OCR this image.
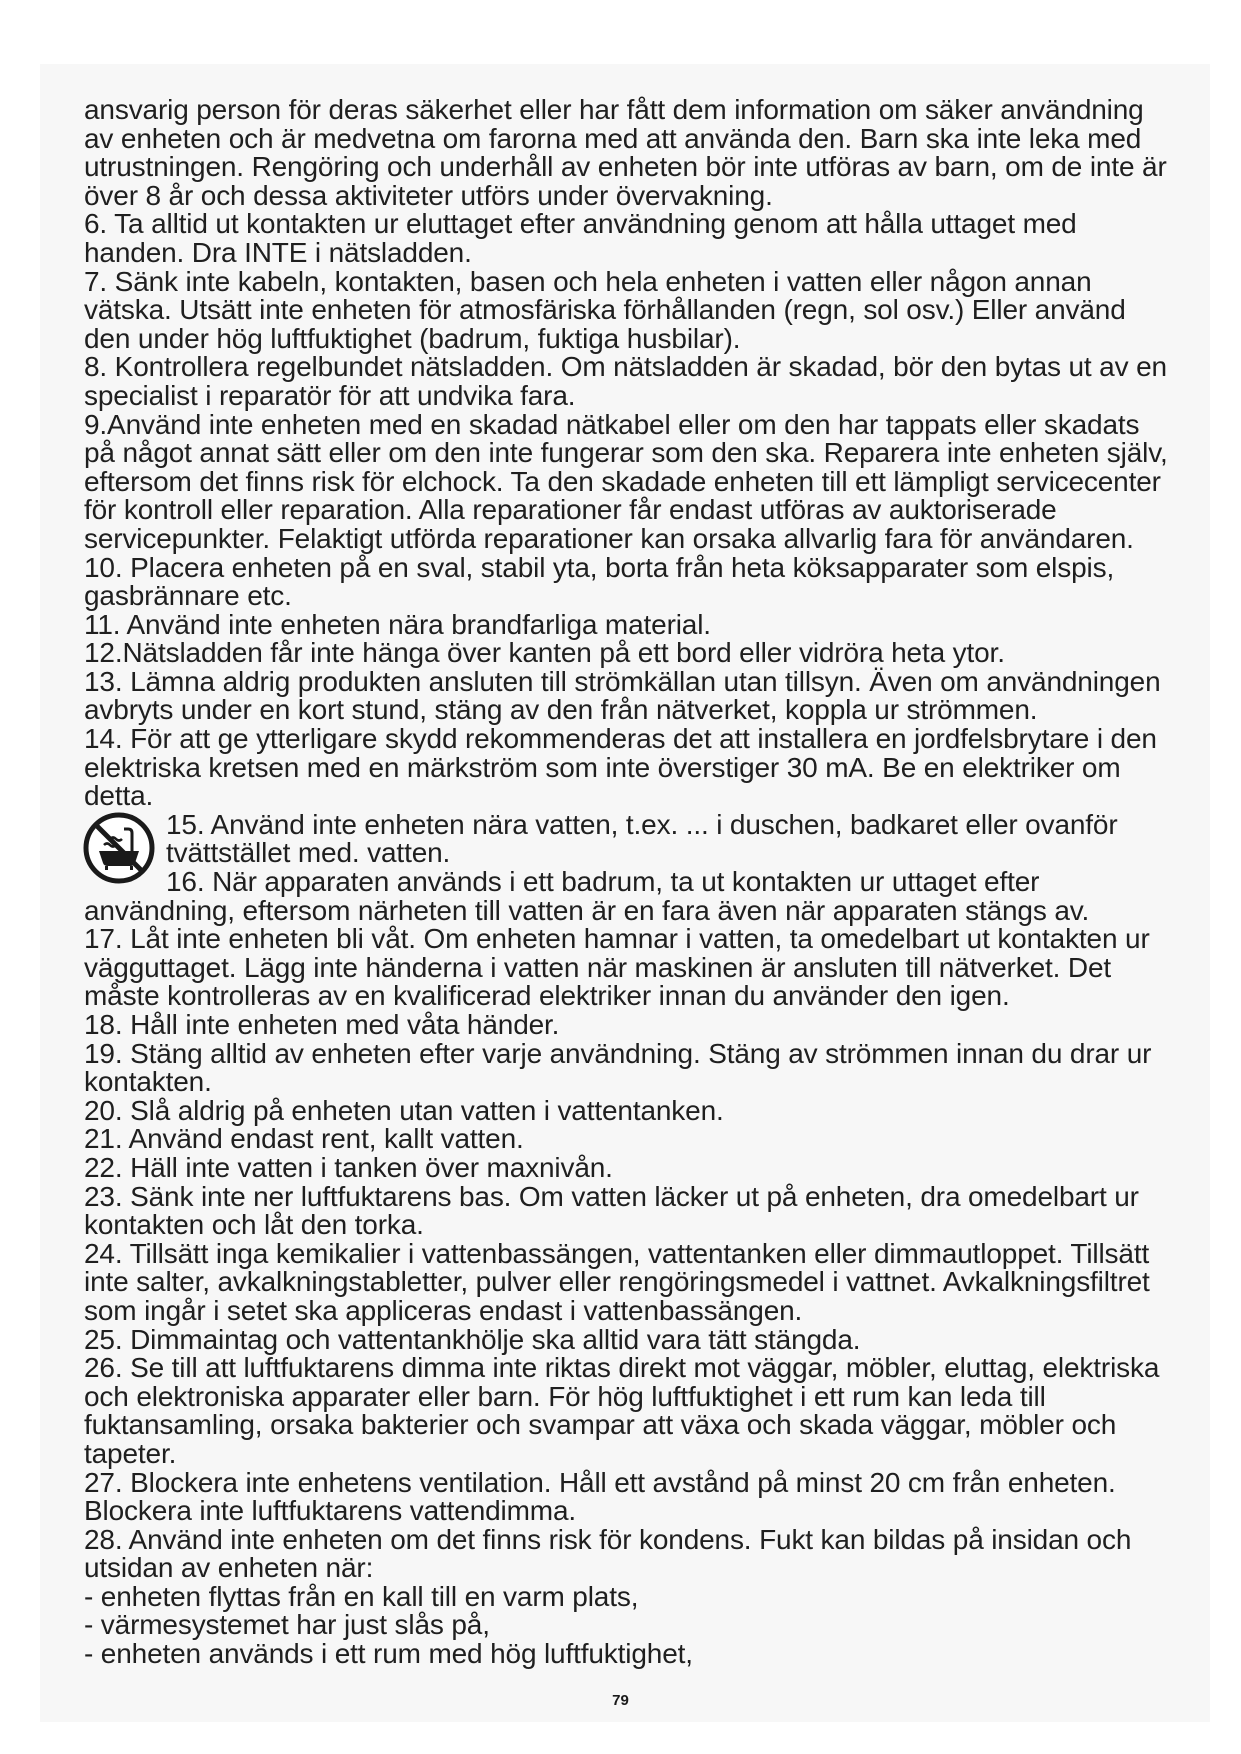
ansvarig person för deras säkerhet eller har fått dem information om säker användning
av enheten och är medvetna om farorna med att använda den. Barn ska inte leka med
utrustningen. Rengöring och underhåll av enheten bör inte utföras av barn, om de inte är
över 8 år och dessa aktiviteter utförs under övervakning.
6. Ta alltid ut kontakten ur eluttaget efter användning genom att hålla uttaget med
handen. Dra INTE i nätsladden.
7. Sänk inte kabeln, kontakten, basen och hela enheten i vatten eller någon annan
vätska. Utsätt inte enheten för atmosfäriska förhållanden (regn, sol osv.) Eller använd
den under hög luftfuktighet (badrum, fuktiga husbilar).
8. Kontrollera regelbundet nätsladden. Om nätsladden är skadad, bör den bytas ut av en
specialist i reparatör för att undvika fara.
9.Använd inte enheten med en skadad nätkabel eller om den har tappats eller skadats
på något annat sätt eller om den inte fungerar som den ska. Reparera inte enheten själv,
eftersom det finns risk för elchock. Ta den skadade enheten till ett lämpligt servicecenter
för kontroll eller reparation. Alla reparationer får endast utföras av auktoriserade
servicepunkter. Felaktigt utförda reparationer kan orsaka allvarlig fara för användaren.
10. Placera enheten på en sval, stabil yta, borta från heta köksapparater som elspis,
gasbrännare etc.
11. Använd inte enheten nära brandfarliga material.
12.Nätsladden får inte hänga över kanten på ett bord eller vidröra heta ytor.
13. Lämna aldrig produkten ansluten till strömkällan utan tillsyn. Även om användningen
avbryts under en kort stund, stäng av den från nätverket, koppla ur strömmen.
14. För att ge ytterligare skydd rekommenderas det att installera en jordfelsbrytare i den
elektriska kretsen med en märkström som inte överstiger 30 mA. Be en elektriker om
detta.
15. Använd inte enheten nära vatten, t.ex. ... i duschen, badkaret eller ovanför
tvättstället med. vatten.
16. När apparaten används i ett badrum, ta ut kontakten ur uttaget efter
användning, eftersom närheten till vatten är en fara även när apparaten stängs av.
17. Låt inte enheten bli våt. Om enheten hamnar i vatten, ta omedelbart ut kontakten ur
vägguttaget. Lägg inte händerna i vatten när maskinen är ansluten till nätverket. Det
måste kontrolleras av en kvalificerad elektriker innan du använder den igen.
18. Håll inte enheten med våta händer.
19. Stäng alltid av enheten efter varje användning. Stäng av strömmen innan du drar ur
kontakten.
20. Slå aldrig på enheten utan vatten i vattentanken.
21. Använd endast rent, kallt vatten.
22. Häll inte vatten i tanken över maxnivån.
23. Sänk inte ner luftfuktarens bas. Om vatten läcker ut på enheten, dra omedelbart ur
kontakten och låt den torka.
24. Tillsätt inga kemikalier i vattenbassängen, vattentanken eller dimmautloppet. Tillsätt
inte salter, avkalkningstabletter, pulver eller rengöringsmedel i vattnet. Avkalkningsfiltret
som ingår i setet ska appliceras endast i vattenbassängen.
25. Dimmaintag och vattentankhölje ska alltid vara tätt stängda.
26. Se till att luftfuktarens dimma inte riktas direkt mot väggar, möbler, eluttag, elektriska
och elektroniska apparater eller barn. För hög luftfuktighet i ett rum kan leda till
fuktansamling, orsaka bakterier och svampar att växa och skada väggar, möbler och
tapeter.
27. Blockera inte enhetens ventilation. Håll ett avstånd på minst 20 cm från enheten.
Blockera inte luftfuktarens vattendimma.
28. Använd inte enheten om det finns risk för kondens. Fukt kan bildas på insidan och
utsidan av enheten när:
- enheten flyttas från en kall till en varm plats,
- värmesystemet har just slås på,
- enheten används i ett rum med hög luftfuktighet,
79
